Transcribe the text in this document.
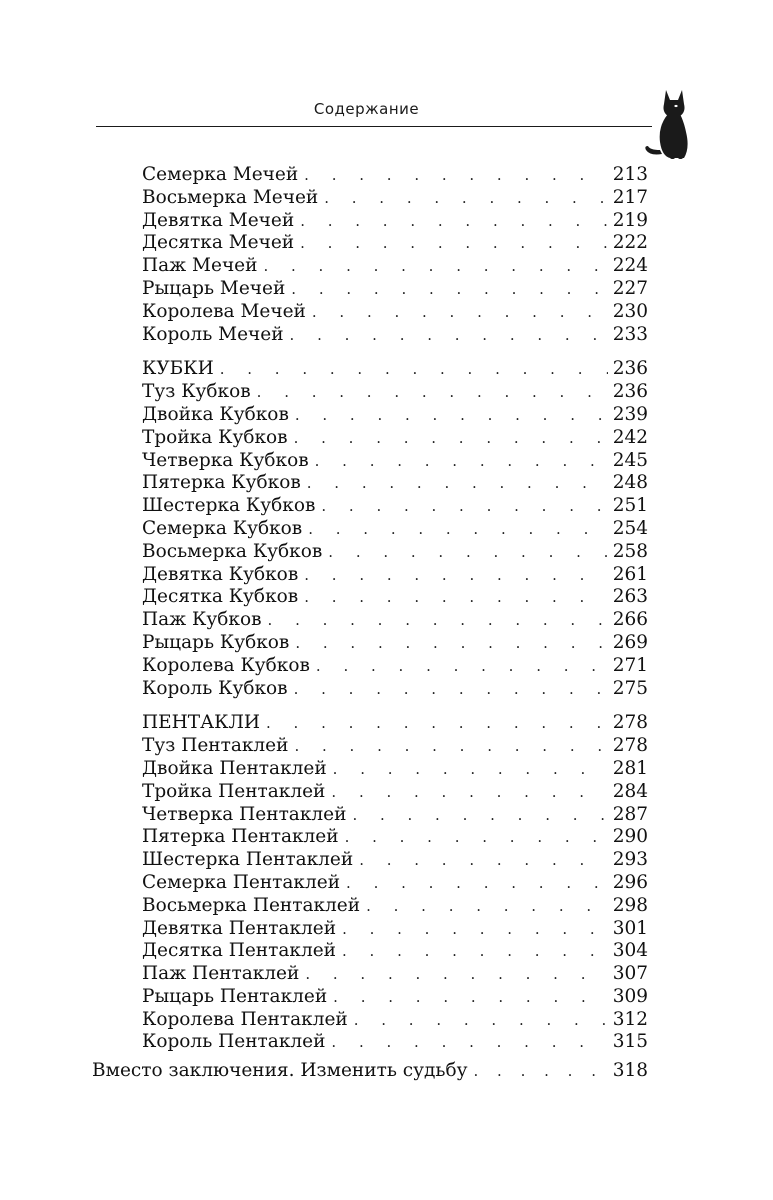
Содержание
Семерка Мечей . . .	213
Восьмерка Мечей . . .	217
Девятка Мечей . . .	219
Десятка Мечей . . .	222
Паж Мечей . . .	224
Рыцарь Мечей . . .	227
Королева Мечей . . .	230
Король Мечей . . .	233
КУБКИ . . .	236
Туз Кубков . . .	236
Двойка Кубков . . .	239
Тройка Кубков . . .	242
Четверка Кубков . . .	245
Пятерка Кубков . . .	248
Шестерка Кубков . . .	251
Семерка Кубков . . .	254
Восьмерка Кубков . . .	258
Девятка Кубков . . .	261
Десятка Кубков . . .	263
Паж Кубков . . .	266
Рыцарь Кубков . . .	269
Королева Кубков . . .	271
Король Кубков . . .	275
ПЕНТАКЛИ . . .	278
Туз Пентаклей . . .	278
Двойка Пентаклей . . .	281
Тройка Пентаклей . . .	284
Четверка Пентаклей . . .	287
Пятерка Пентаклей . . .	290
Шестерка Пентаклей . . .	293
Семерка Пентаклей . . .	296
Восьмерка Пентаклей . . .	298
Девятка Пентаклей . . .	301
Десятка Пентаклей . . .	304
Паж Пентаклей . . .	307
Рыцарь Пентаклей . . .	309
Королева Пентаклей . . .	312
Король Пентаклей . . .	315
Вместо заключения. Изменить судьбу . . .	318
